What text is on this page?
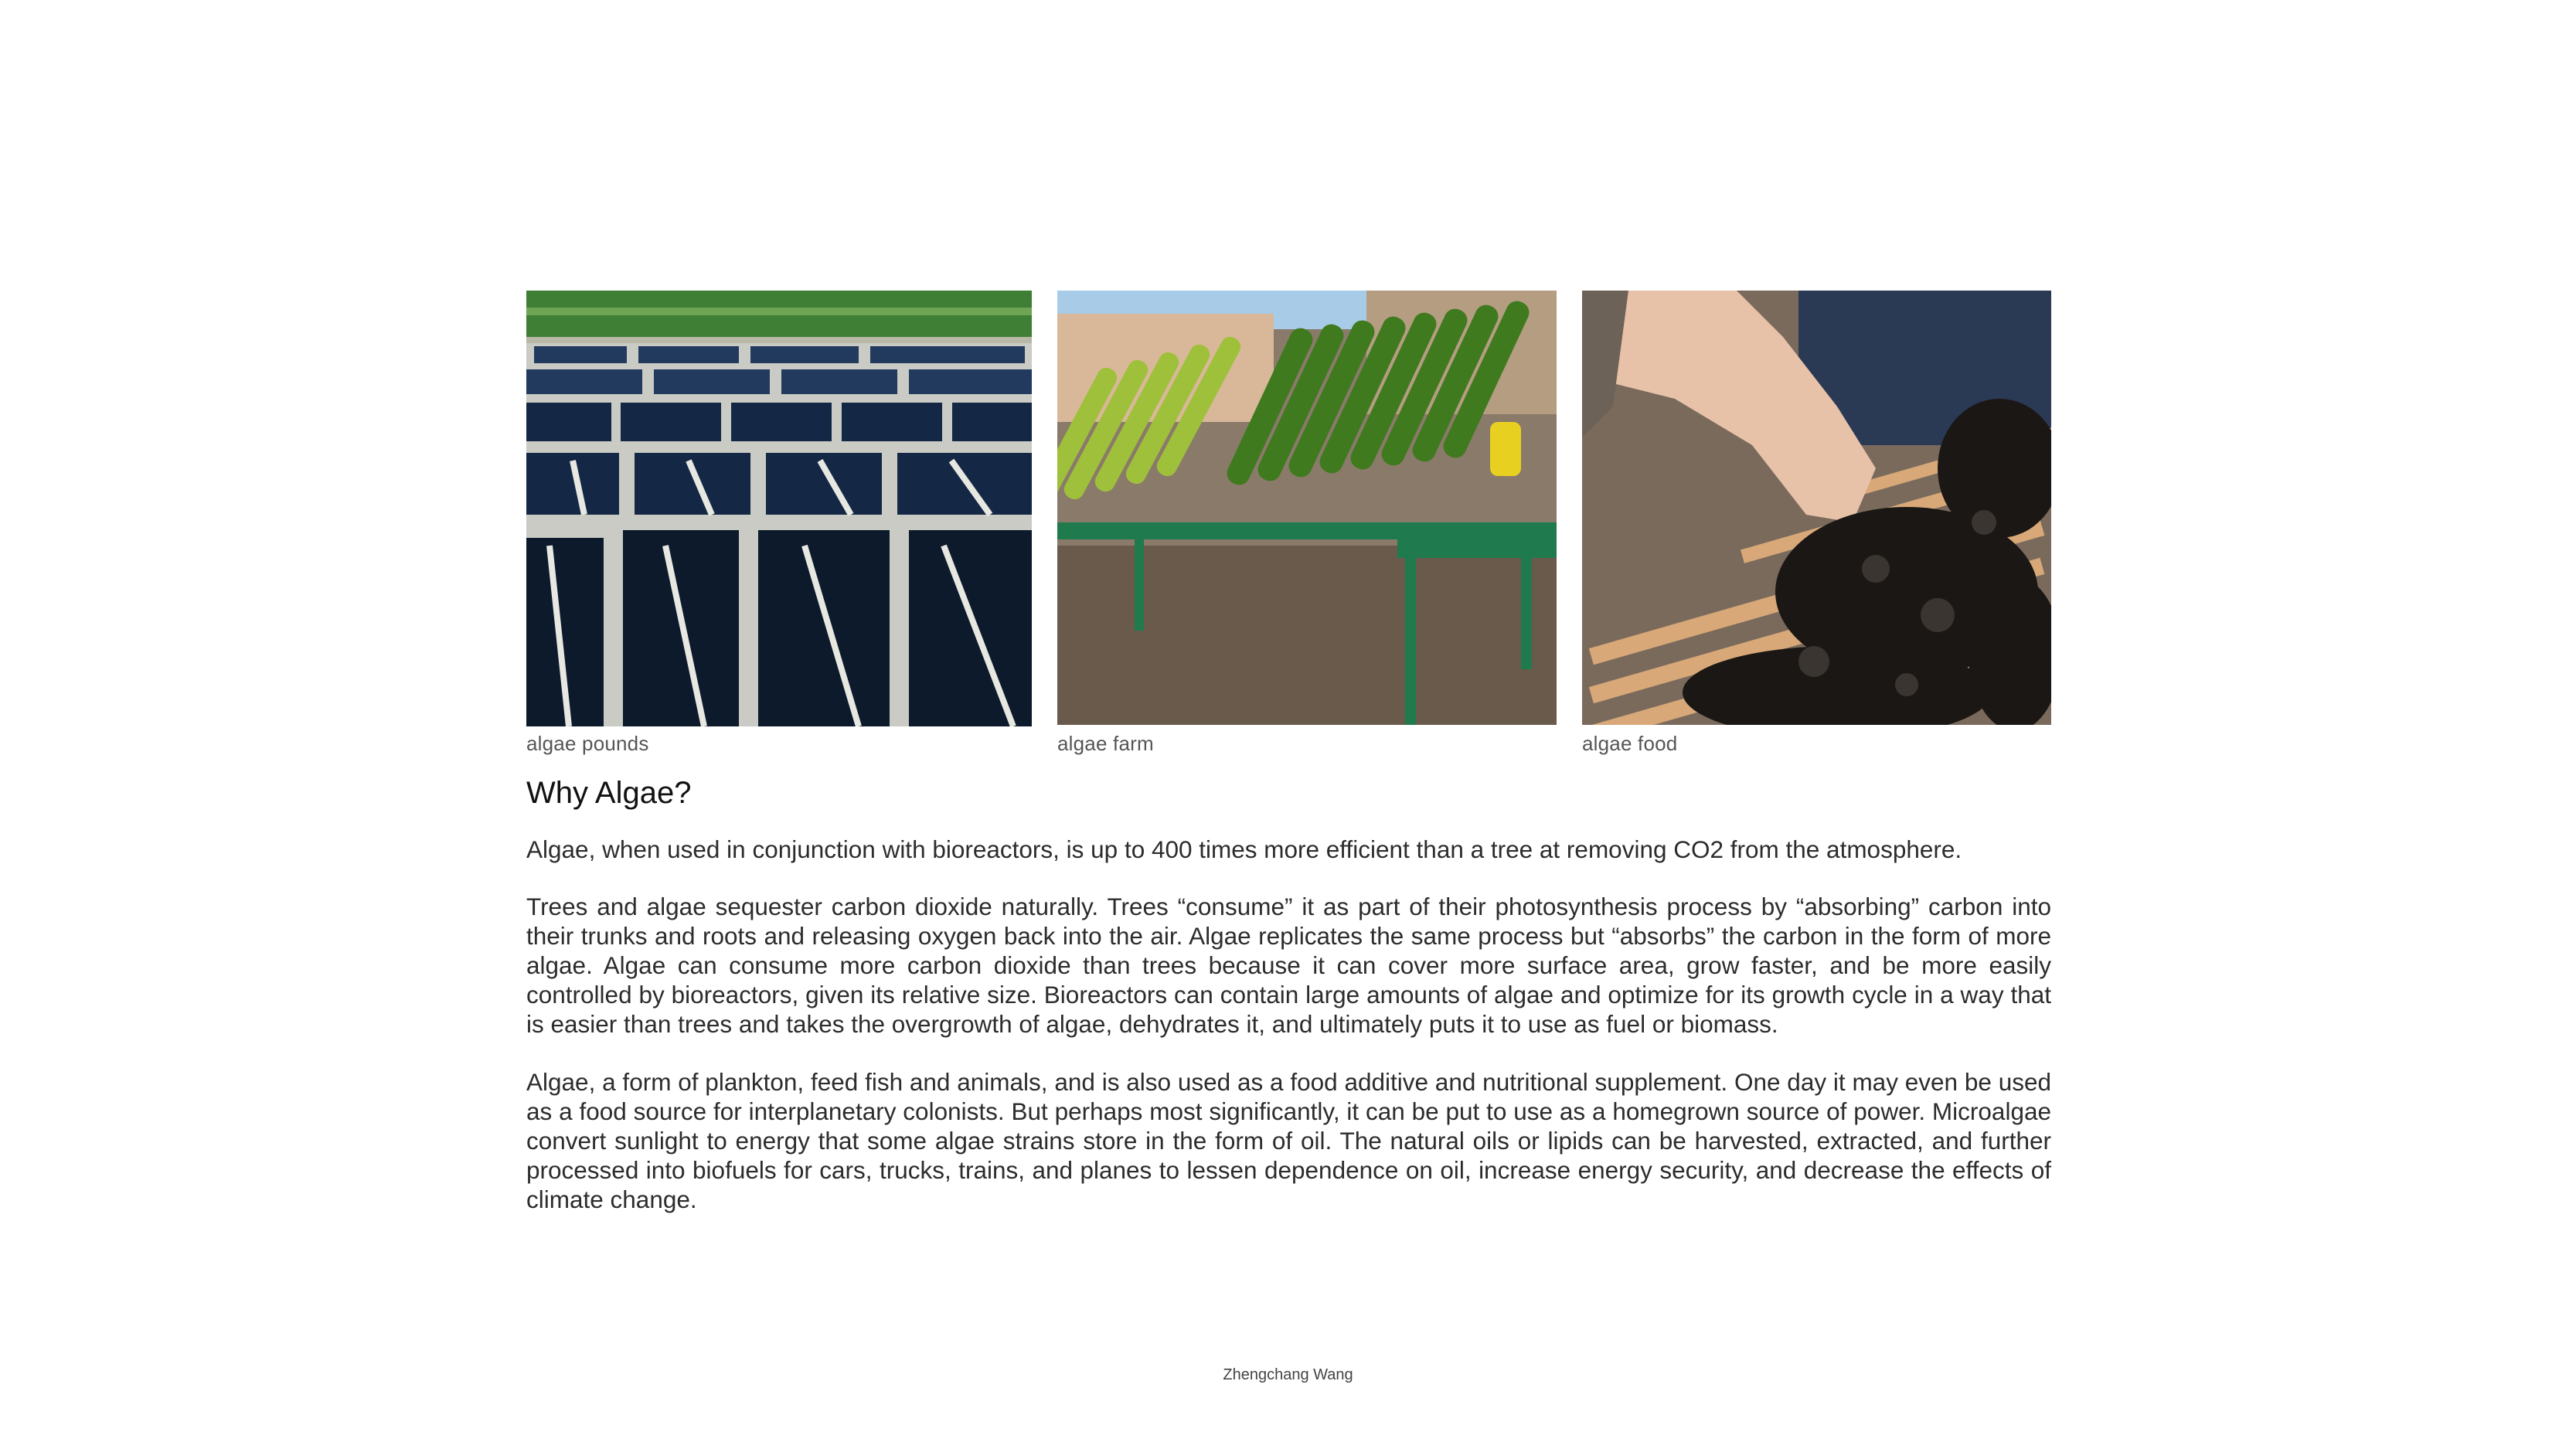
algae pounds	algae farm	algae food
Why Algae?

Algae, when used in conjunction with bioreactors, is up to 400 times more efficient than a tree at removing CO2 from the atmosphere.

Trees and algae sequester carbon dioxide naturally. Trees “consume” it as part of their photosynthesis process by “absorbing” carbon into their trunks and roots and releasing oxygen back into the air. Algae replicates the same process but “absorbs” the carbon in the form of more algae. Algae can consume more carbon dioxide than trees because it can cover more surface area, grow faster, and be more easily controlled by bioreactors, given its relative size. Bioreactors can contain large amounts of algae and optimize for its growth cycle in a way that is easier than trees and takes the overgrowth of algae, dehydrates it, and ultimately puts it to use as fuel or biomass.

Algae, a form of plankton, feed fish and animals, and is also used as a food additive and nutritional supplement. One day it may even be used as a food source for interplanetary colonists. But perhaps most significantly, it can be put to use as a homegrown source of power. Microalgae convert sunlight to energy that some algae strains store in the form of oil. The natural oils or lipids can be harvested, extracted, and further processed into biofuels for cars, trucks, trains, and planes to lessen dependence on oil, increase energy security, and decrease the effects of climate change.

Zhengchang Wang
